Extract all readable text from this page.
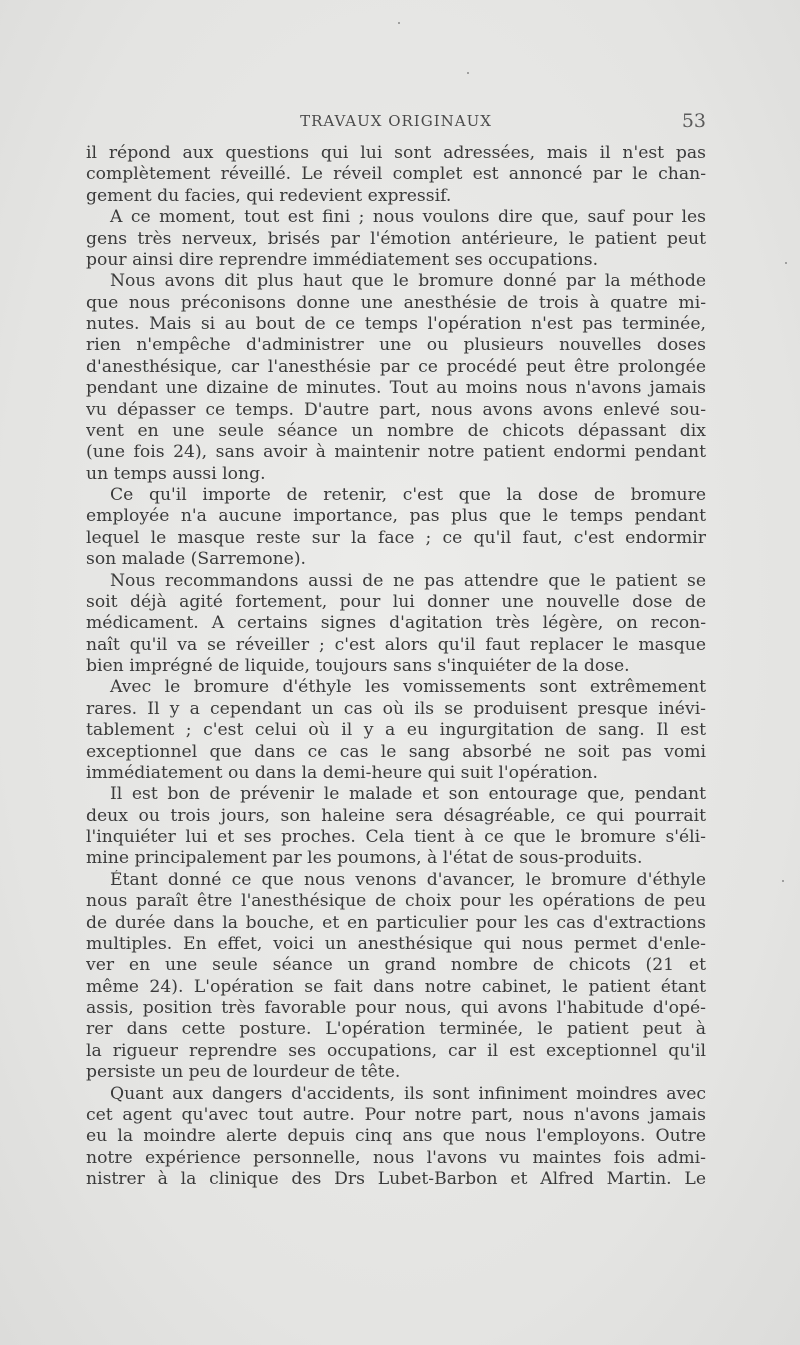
TRAVAUX ORIGINAUX	53
il répond aux questions qui lui sont adressées, mais il n'est pas
complètement réveillé. Le réveil complet est annoncé par le chan-
gement du facies, qui redevient expressif.
A ce moment, tout est fini ; nous voulons dire que, sauf pour les
gens très nerveux, brisés par l'émotion antérieure, le patient peut
pour ainsi dire reprendre immédiatement ses occupations.
Nous avons dit plus haut que le bromure donné par la méthode
que nous préconisons donne une anesthésie de trois à quatre mi-
nutes. Mais si au bout de ce temps l'opération n'est pas terminée,
rien n'empêche d'administrer une ou plusieurs nouvelles doses
d'anesthésique, car l'anesthésie par ce procédé peut être prolongée
pendant une dizaine de minutes. Tout au moins nous n'avons jamais
vu dépasser ce temps. D'autre part, nous avons avons enlevé sou-
vent en une seule séance un nombre de chicots dépassant dix
(une fois 24), sans avoir à maintenir notre patient endormi pendant
un temps aussi long.
Ce qu'il importe de retenir, c'est que la dose de bromure
employée n'a aucune importance, pas plus que le temps pendant
lequel le masque reste sur la face ; ce qu'il faut, c'est endormir
son malade (Sarremone).
Nous recommandons aussi de ne pas attendre que le patient se
soit déjà agité fortement, pour lui donner une nouvelle dose de
médicament. A certains signes d'agitation très légère, on recon-
naît qu'il va se réveiller ; c'est alors qu'il faut replacer le masque
bien imprégné de liquide, toujours sans s'inquiéter de la dose.
Avec le bromure d'éthyle les vomissements sont extrêmement
rares. Il y a cependant un cas où ils se produisent presque inévi-
tablement ; c'est celui où il y a eu ingurgitation de sang. Il est
exceptionnel que dans ce cas le sang absorbé ne soit pas vomi
immédiatement ou dans la demi-heure qui suit l'opération.
Il est bon de prévenir le malade et son entourage que, pendant
deux ou trois jours, son haleine sera désagréable, ce qui pourrait
l'inquiéter lui et ses proches. Cela tient à ce que le bromure s'éli-
mine principalement par les poumons, à l'état de sous-produits.
Étant donné ce que nous venons d'avancer, le bromure d'éthyle
nous paraît être l'anesthésique de choix pour les opérations de peu
de durée dans la bouche, et en particulier pour les cas d'extractions
multiples. En effet, voici un anesthésique qui nous permet d'enle-
ver en une seule séance un grand nombre de chicots (21 et
même 24). L'opération se fait dans notre cabinet, le patient étant
assis, position très favorable pour nous, qui avons l'habitude d'opé-
rer dans cette posture. L'opération terminée, le patient peut à
la rigueur reprendre ses occupations, car il est exceptionnel qu'il
persiste un peu de lourdeur de tête.
Quant aux dangers d'accidents, ils sont infiniment moindres avec
cet agent qu'avec tout autre. Pour notre part, nous n'avons jamais
eu la moindre alerte depuis cinq ans que nous l'employons. Outre
notre expérience personnelle, nous l'avons vu maintes fois admi-
nistrer à la clinique des Drs Lubet-Barbon et Alfred Martin. Le
